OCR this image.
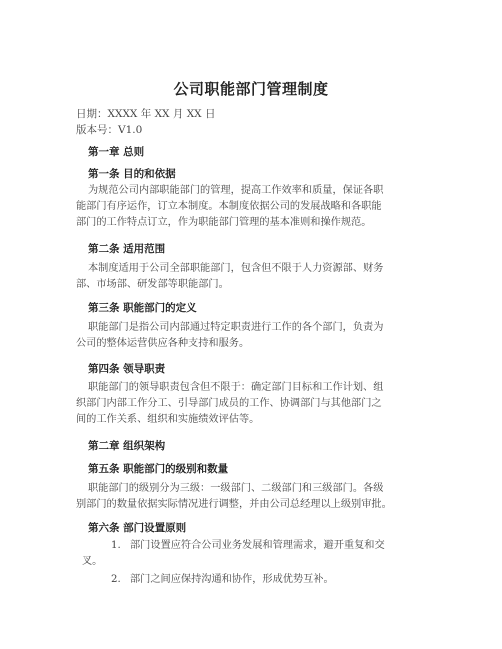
公司职能部门管理制度
日期：XXXX 年 XX 月 XX 日
版本号：V1.0
第一章 总则
第一条 目的和依据
为规范公司内部职能部门的管理，提高工作效率和质量，保证各职
能部门有序运作，订立本制度。本制度依据公司的发展战略和各职能
部门的工作特点订立，作为职能部门管理的基本准则和操作规范。
第二条 适用范围
本制度适用于公司全部职能部门，包含但不限于人力资源部、财务
部、市场部、研发部等职能部门。
第三条 职能部门的定义
职能部门是指公司内部通过特定职责进行工作的各个部门，负责为
公司的整体运营供应各种支持和服务。
第四条 领导职责
职能部门的领导职责包含但不限于：确定部门目标和工作计划、组
织部门内部工作分工、引导部门成员的工作、协调部门与其他部门之
间的工作关系、组织和实施绩效评估等。
第二章 组织架构
第五条 职能部门的级别和数量
职能部门的级别分为三级：一级部门、二级部门和三级部门。各级
别部门的数量依据实际情况进行调整，并由公司总经理以上级别审批。
第六条 部门设置原则
1. 部门设置应符合公司业务发展和管理需求，避开重复和交
叉。
2. 部门之间应保持沟通和协作，形成优势互补。
